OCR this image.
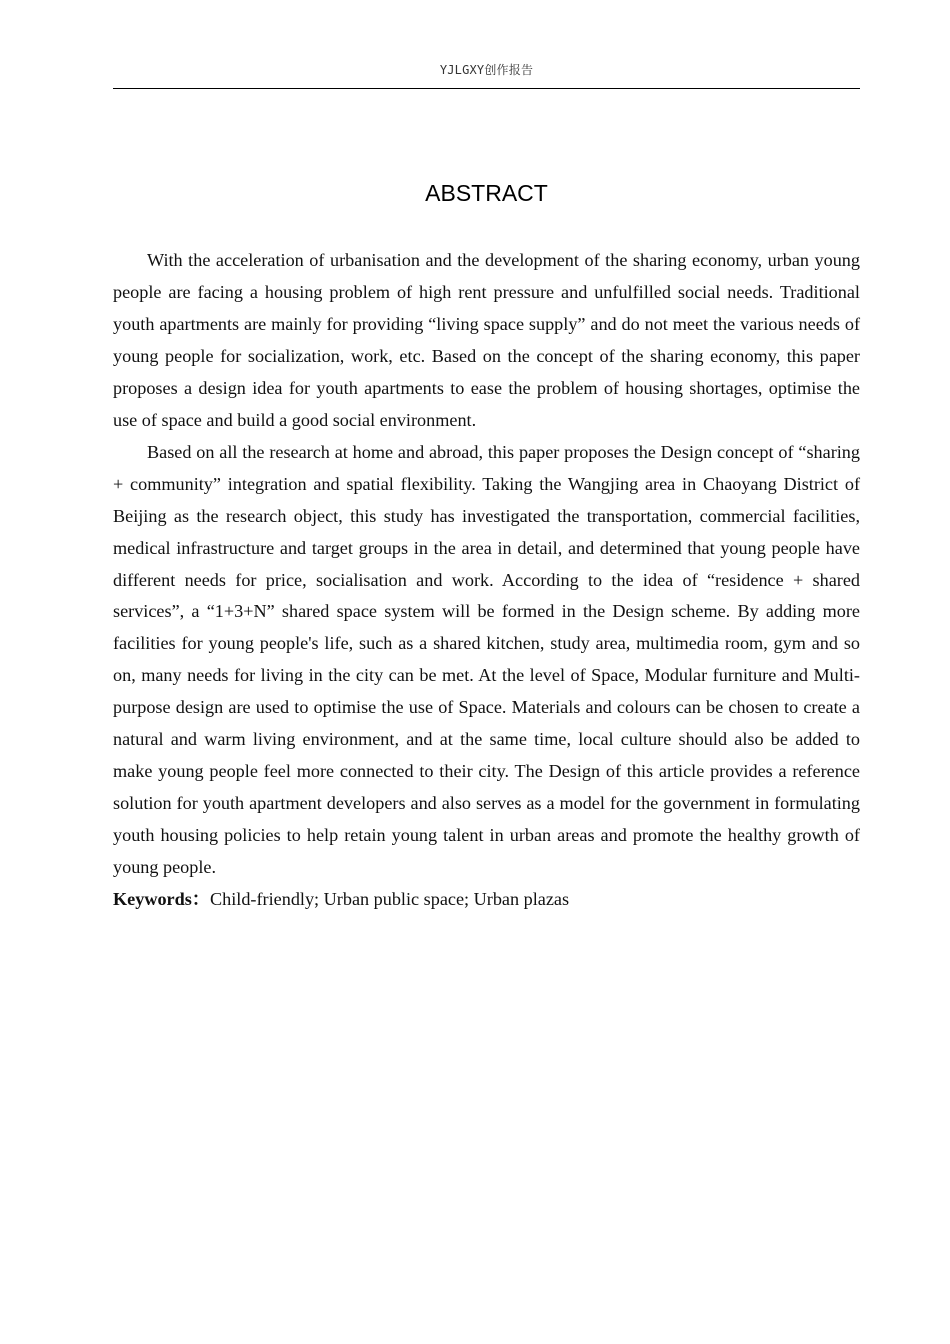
YJLGXY创作报告
ABSTRACT

With the acceleration of urbanisation and the development of the sharing economy, urban young people are facing a housing problem of high rent pressure and unfulfilled social needs. Traditional youth apartments are mainly for providing “living space supply” and do not meet the various needs of young people for socialization, work, etc. Based on the concept of the sharing economy, this paper proposes a design idea for youth apartments to ease the problem of housing shortages, optimise the use of space and build a good social environment.

Based on all the research at home and abroad, this paper proposes the Design concept of “sharing + community” integration and spatial flexibility. Taking the Wangjing area in Chaoyang District of Beijing as the research object, this study has investigated the transportation, commercial facilities, medical infrastructure and target groups in the area in detail, and determined that young people have different needs for price, socialisation and work. According to the idea of “residence + shared services”, a “1+3+N” shared space system will be formed in the Design scheme. By adding more facilities for young people's life, such as a shared kitchen, study area, multimedia room, gym and so on, many needs for living in the city can be met. At the level of Space, Modular furniture and Multi-purpose design are used to optimise the use of Space. Materials and colours can be chosen to create a natural and warm living environment, and at the same time, local culture should also be added to make young people feel more connected to their city. The Design of this article provides a reference solution for youth apartment developers and also serves as a model for the government in formulating youth housing policies to help retain young talent in urban areas and promote the healthy growth of young people.

Keywords：Child-friendly; Urban public space; Urban plazas
